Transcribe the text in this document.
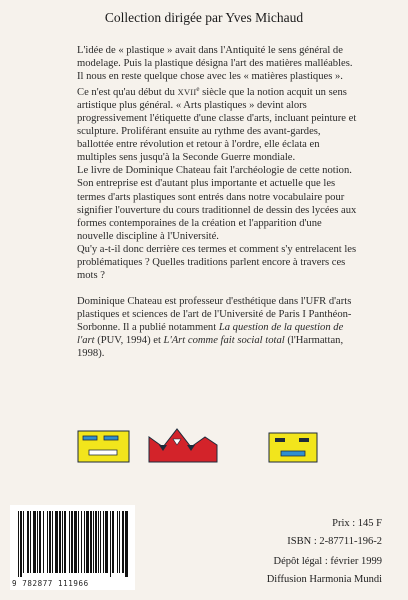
Collection dirigée par Yves Michaud

L'idée de « plastique » avait dans l'Antiquité le sens général de modelage. Puis la plastique désigna l'art des matières malléables. Il nous en reste quelque chose avec les « matières plastiques ». Ce n'est qu'au début du XVIIe siècle que la notion acquit un sens artistique plus général. « Arts plastiques » devint alors progressivement l'étiquette d'une classe d'arts, incluant peinture et sculpture. Proliférant ensuite au rythme des avant-gardes, ballottée entre révolution et retour à l'ordre, elle éclata en multiples sens jusqu'à la Seconde Guerre mondiale.

Le livre de Dominique Chateau fait l'archéologie de cette notion. Son entreprise est d'autant plus importante et actuelle que les termes d'arts plastiques sont entrés dans notre vocabulaire pour signifier l'ouverture du cours traditionnel de dessin des lycées aux formes contemporaines de la création et l'apparition d'une nouvelle discipline à l'Université.

Qu'y a-t-il donc derrière ces termes et comment s'y entrelacent les problématiques ? Quelles traditions parlent encore à travers ces mots ?

Dominique Chateau est professeur d'esthétique dans l'UFR d'arts plastiques et sciences de l'art de l'Université de Paris I Panthéon-Sorbonne. Il a publié notamment La question de la question de l'art (PUV, 1994) et L'Art comme fait social total (l'Harmattan, 1998).

9 782877 111966
Prix : 145 F
ISBN : 2-87711-196-2
Dépôt légal : février 1999
Diffusion Harmonia Mundi
